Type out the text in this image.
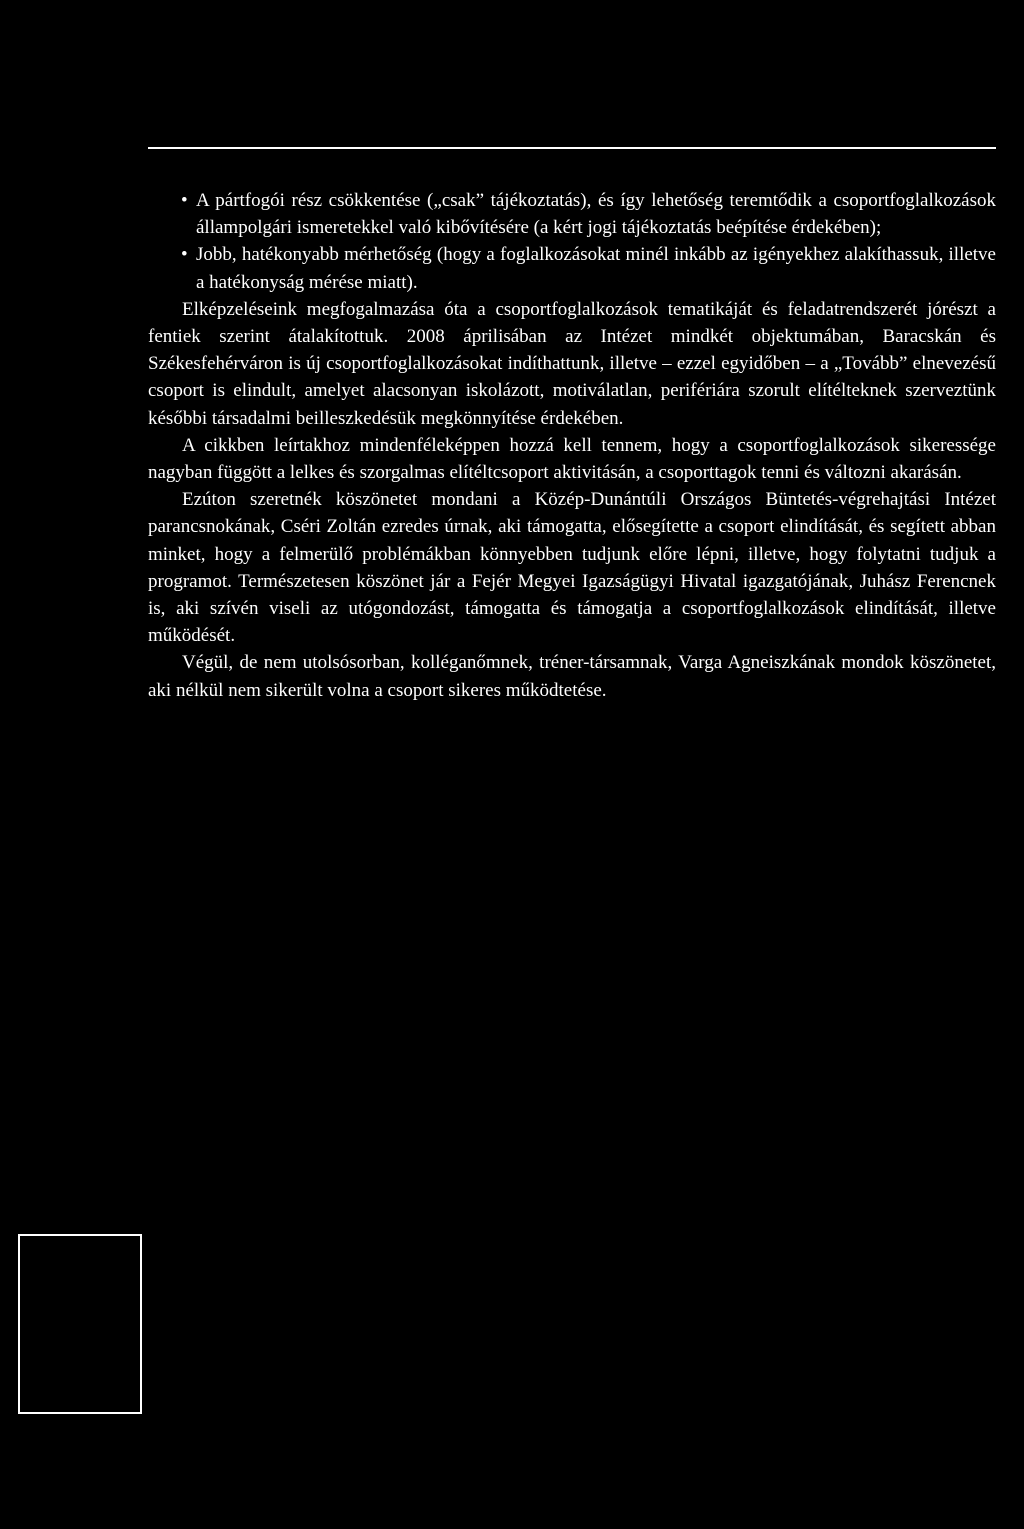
• A pártfogói rész csökkentése („csak” tájékoztatás), és így lehetőség teremtődik a csoportfoglalkozások állampolgári ismeretekkel való kibővítésére (a kért jogi tájékoztatás beépítése érdekében);

• Jobb, hatékonyabb mérhetőség (hogy a foglalkozásokat minél inkább az igényekhez alakíthassuk, illetve a hatékonyság mérése miatt).

Elképzeléseink megfogalmazása óta a csoportfoglalkozások tematikáját és feladatrendszerét jórészt a fentiek szerint átalakítottuk. 2008 áprilisában az Intézet mindkét objektumában, Baracskán és Székesfehérváron is új csoportfoglalkozásokat indíthattunk, illetve – ezzel egyidőben – a „Tovább” elnevezésű csoport is elindult, amelyet alacsonyan iskolázott, motiválatlan, perifériára szorult elítélteknek szerveztünk későbbi társadalmi beilleszkedésük megkönnyítése érdekében.

A cikkben leírtakhoz mindenféleképpen hozzá kell tennem, hogy a csoportfoglalkozások sikeressége nagyban függött a lelkes és szorgalmas elítéltcsoport aktivitásán, a csoporttagok tenni és változni akarásán.

Ezúton szeretnék köszönetet mondani a Közép-Dunántúli Országos Büntetés-végrehajtási Intézet parancsnokának, Cséri Zoltán ezredes úrnak, aki támogatta, elősegítette a csoport elindítását, és segített abban minket, hogy a felmerülő problémákban könnyebben tudjunk előre lépni, illetve, hogy folytatni tudjuk a programot. Természetesen köszönet jár a Fejér Megyei Igazságügyi Hivatal igazgatójának, Juhász Ferencnek is, aki szívén viseli az utógondozást, támogatta és támogatja a csoportfoglalkozások elindítását, illetve működését.

Végül, de nem utolsósorban, kolléganőmnek, tréner-társamnak, Varga Agneiszkának mondok köszönetet, aki nélkül nem sikerült volna a csoport sikeres működtetése.
